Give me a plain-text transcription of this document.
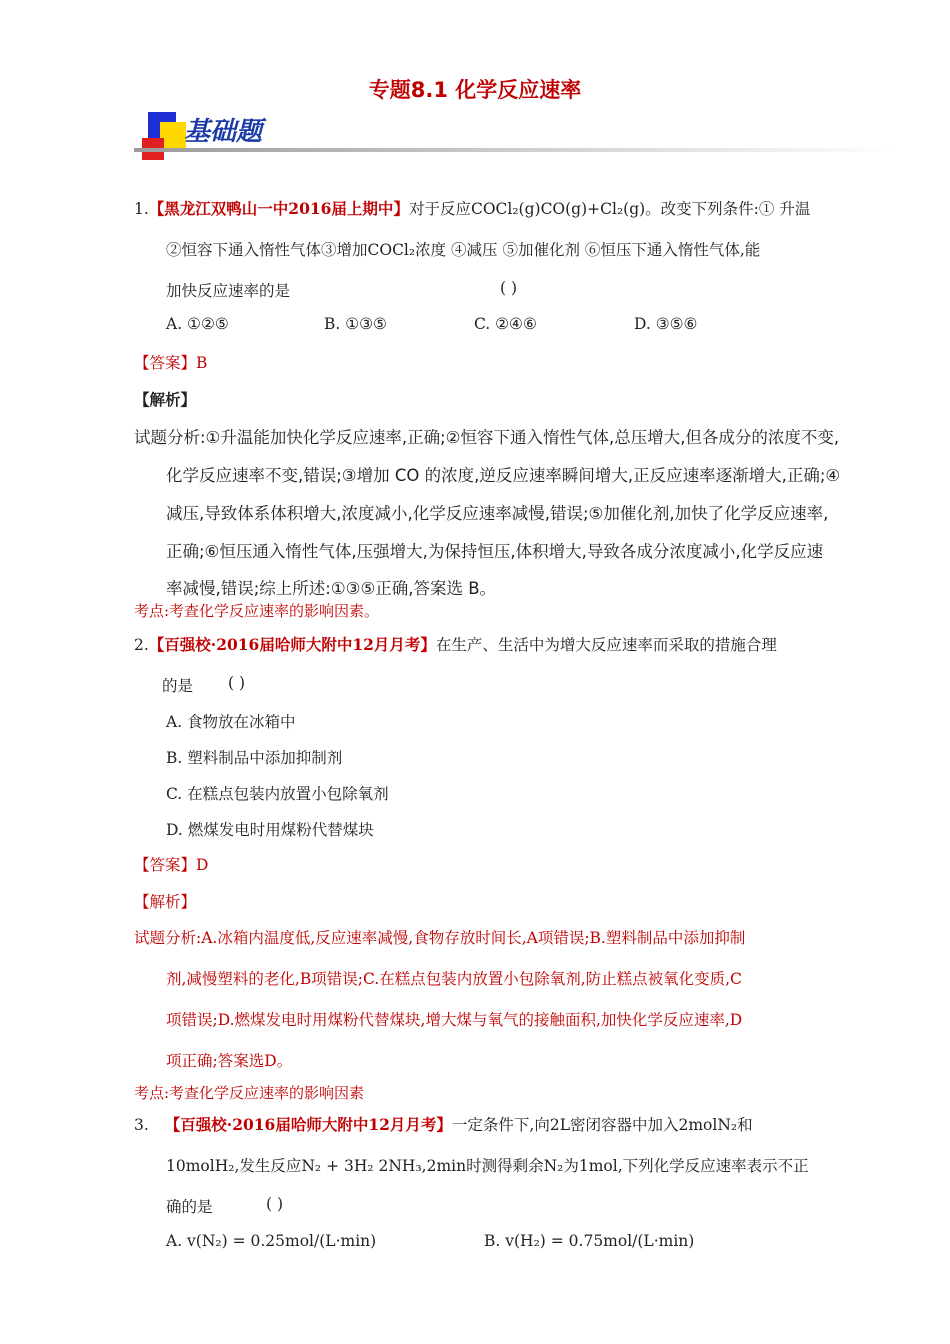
专题8.1 化学反应速率
基础题
1.【黑龙江双鸭山一中2016届上期中】对于反应COCl₂(g)CO(g)+Cl₂(g)。改变下列条件:① 升温
②恒容下通入惰性气体③增加COCl₂浓度 ④减压 ⑤加催化剂 ⑥恒压下通入惰性气体,能
加快反应速率的是	( )
A. ①②⑤	B. ①③⑤	C. ②④⑥	D. ③⑤⑥
【答案】B
【解析】
试题分析:①升温能加快化学反应速率,正确;②恒容下通入惰性气体,总压增大,但各成分的浓度不变,
化学反应速率不变,错误;③增加 CO 的浓度,逆反应速率瞬间增大,正反应速率逐渐增大,正确;④
减压,导致体系体积增大,浓度减小,化学反应速率减慢,错误;⑤加催化剂,加快了化学反应速率,
正确;⑥恒压通入惰性气体,压强增大,为保持恒压,体积增大,导致各成分浓度减小,化学反应速
率减慢,错误;综上所述:①③⑤正确,答案选 B。
考点:考查化学反应速率的影响因素。
2.【百强校·2016届哈师大附中12月月考】在生产、生活中为增大反应速率而采取的措施合理
的是 ( )
A. 食物放在冰箱中
B. 塑料制品中添加抑制剂
C. 在糕点包装内放置小包除氧剂
D. 燃煤发电时用煤粉代替煤块
【答案】D
【解析】
试题分析:A.冰箱内温度低,反应速率减慢,食物存放时间长,A项错误;B.塑料制品中添加抑制
剂,减慢塑料的老化,B项错误;C.在糕点包装内放置小包除氧剂,防止糕点被氧化变质,C
项错误;D.燃煤发电时用煤粉代替煤块,增大煤与氧气的接触面积,加快化学反应速率,D
项正确;答案选D。
考点:考查化学反应速率的影响因素
3. 【百强校·2016届哈师大附中12月月考】一定条件下,向2L密闭容器中加入2molN₂和
10molH₂,发生反应N₂ + 3H₂ 2NH₃,2min时测得剩余N₂为1mol,下列化学反应速率表示不正
确的是	( )
A. v(N₂) = 0.25mol/(L·min)	B. v(H₂) = 0.75mol/(L·min)
